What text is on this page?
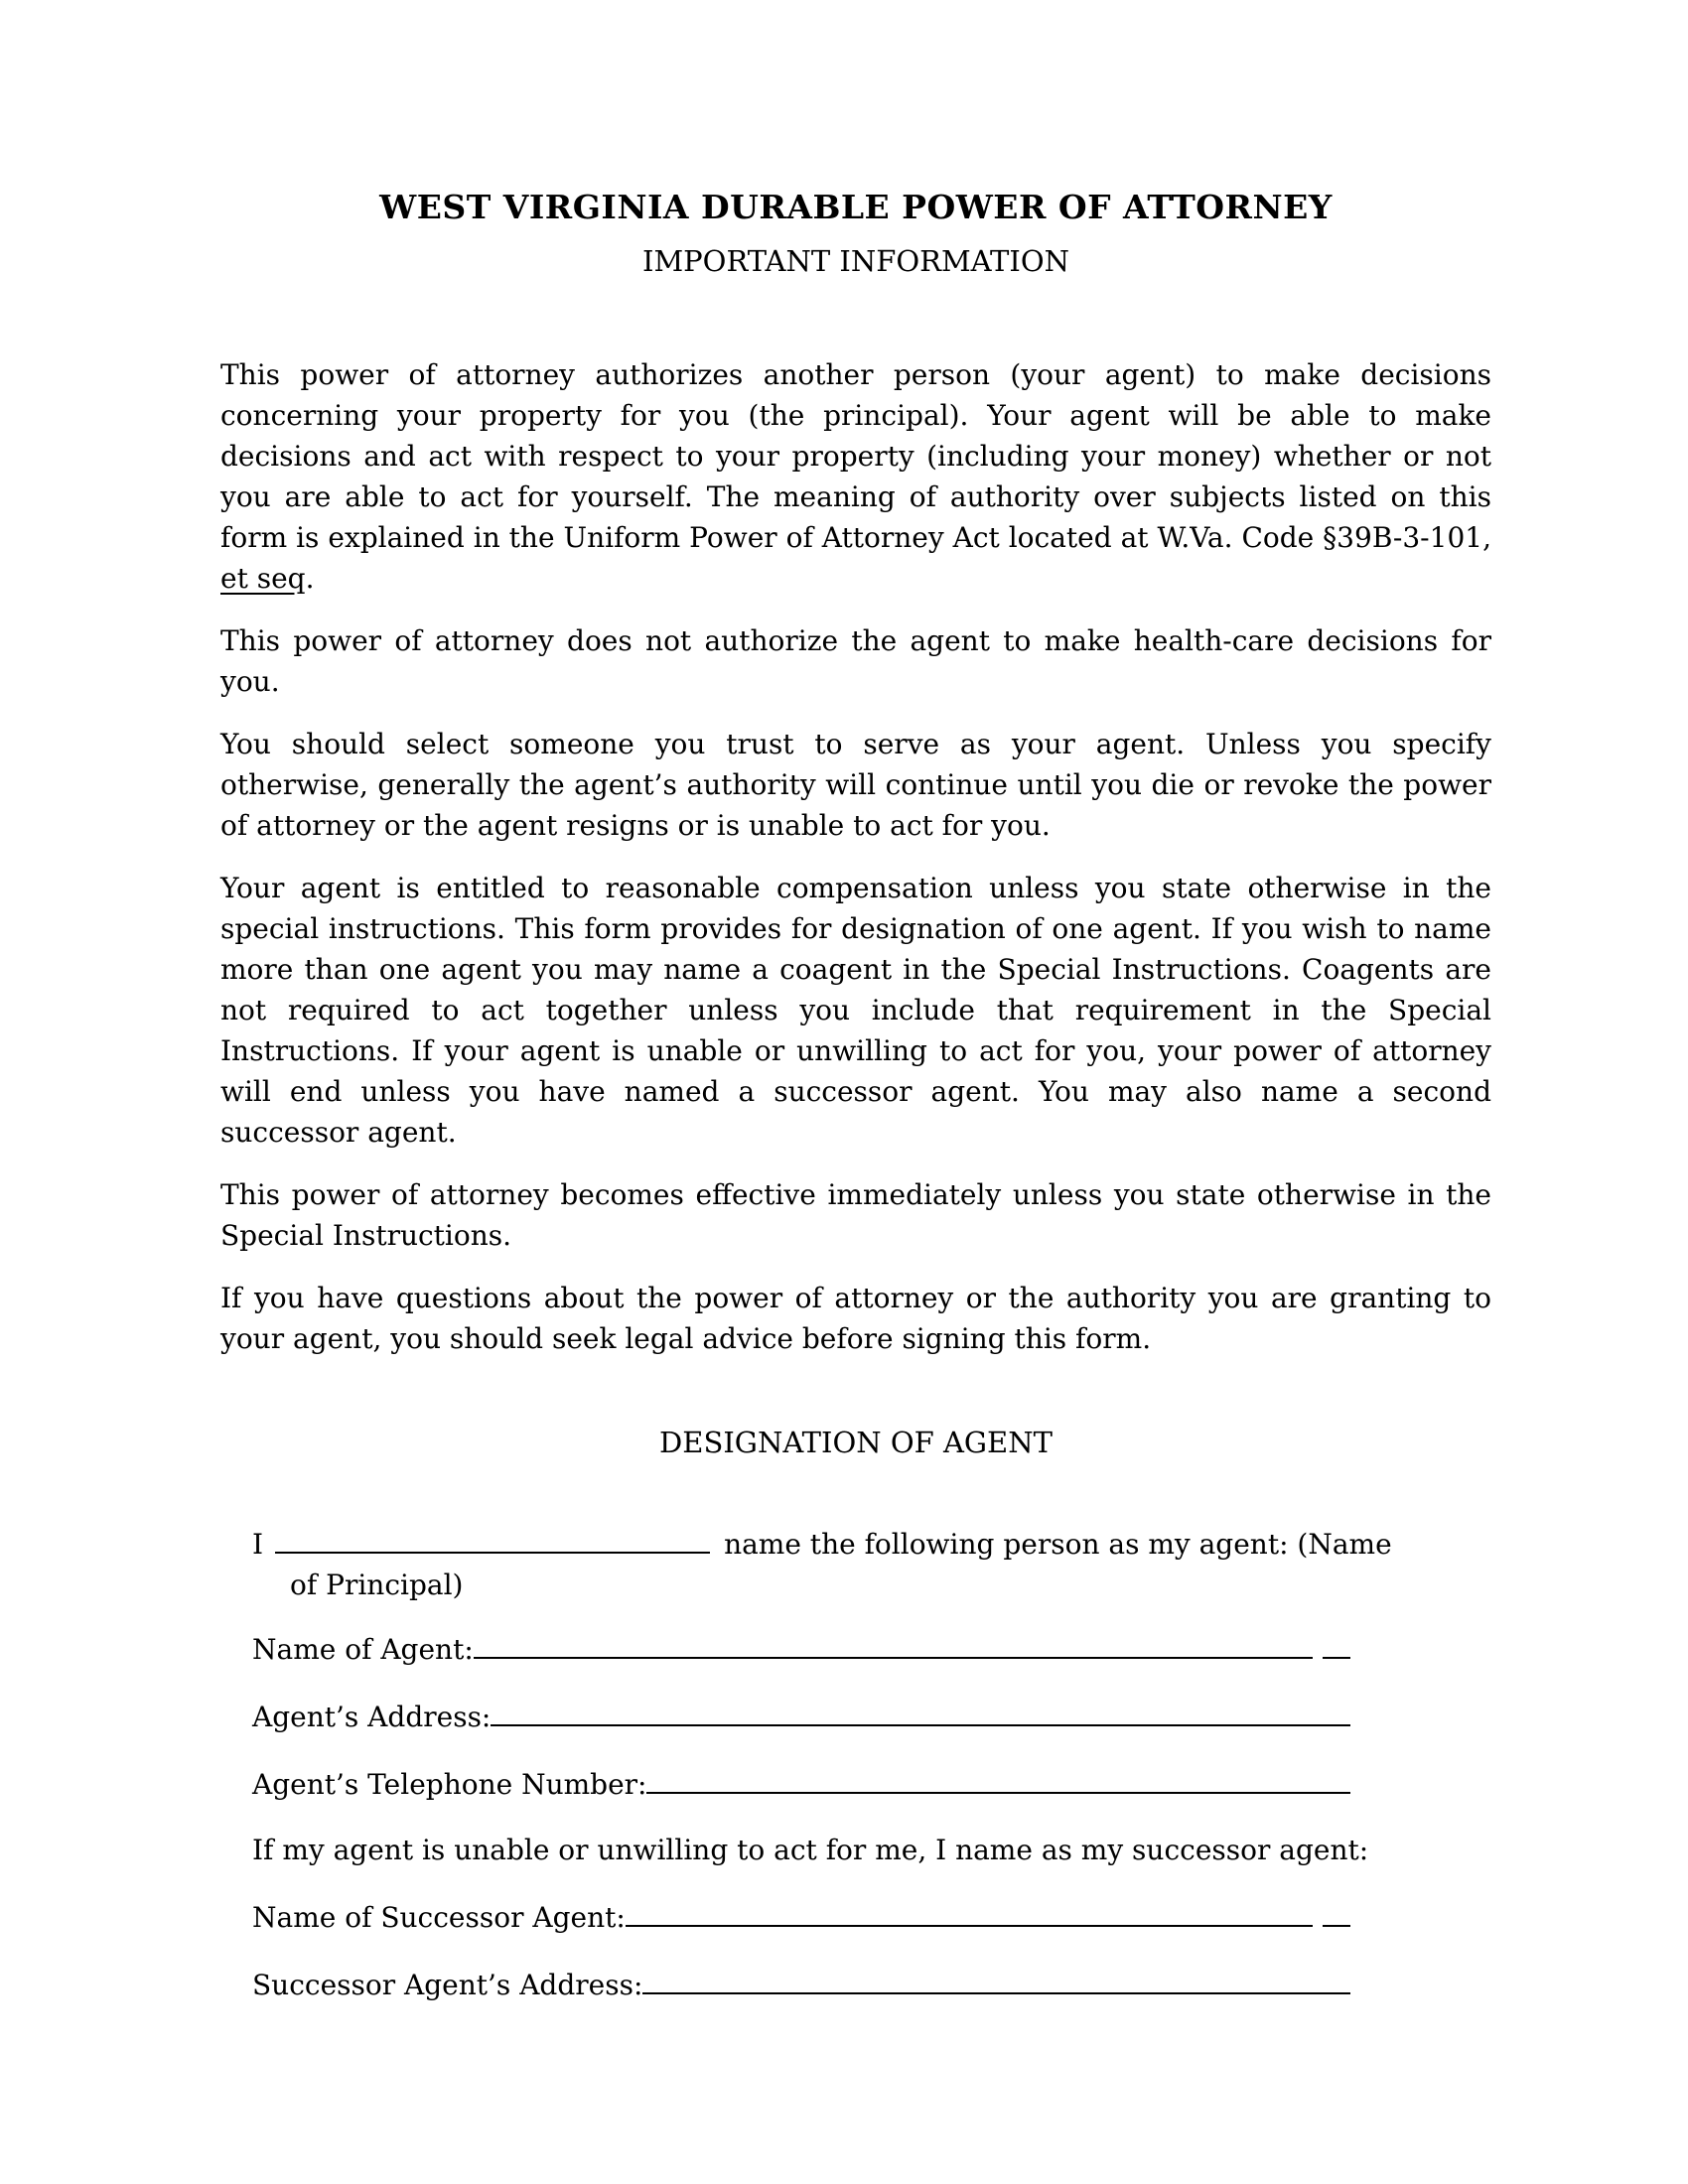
WEST VIRGINIA DURABLE POWER OF ATTORNEY
IMPORTANT INFORMATION

This power of attorney authorizes another person (your agent) to make decisions concerning your property for you (the principal). Your agent will be able to make decisions and act with respect to your property (including your money) whether or not you are able to act for yourself. The meaning of authority over subjects listed on this form is explained in the Uniform Power of Attorney Act located at W.Va. Code §39B-3-101, et seq.

This power of attorney does not authorize the agent to make health-care decisions for you.

You should select someone you trust to serve as your agent. Unless you specify otherwise, generally the agent’s authority will continue until you die or revoke the power of attorney or the agent resigns or is unable to act for you.

Your agent is entitled to reasonable compensation unless you state otherwise in the special instructions. This form provides for designation of one agent. If you wish to name more than one agent you may name a coagent in the Special Instructions. Coagents are not required to act together unless you include that requirement in the Special Instructions. If your agent is unable or unwilling to act for you, your power of attorney will end unless you have named a successor agent. You may also name a second successor agent.

This power of attorney becomes effective immediately unless you state otherwise in the Special Instructions.

If you have questions about the power of attorney or the authority you are granting to your agent, you should seek legal advice before signing this form.

DESIGNATION OF AGENT
I	name the following person as my agent: (Name
of Principal)
Name of Agent:
Agent’s Address:
Agent’s Telephone Number:
If my agent is unable or unwilling to act for me, I name as my successor agent:
Name of Successor Agent:
Successor Agent’s Address:
